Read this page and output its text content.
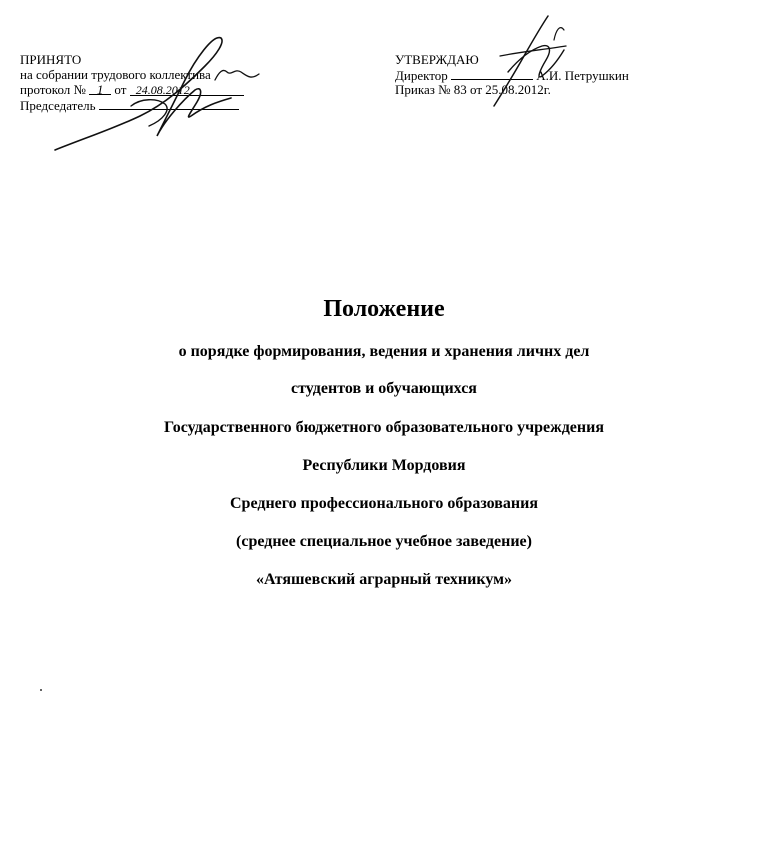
ПРИНЯТО
на собрании трудового коллектива
протокол № 1 от 24.08.2012.
Председатель
УТВЕРЖДАЮ
Директор	А.И. Петрушкин
Приказ № 83 от 25.08.2012г.
Положение
о порядке формирования, ведения и хранения личнх дел
студентов и обучающихся
Государственного бюджетного образовательного учреждения
Республики Мордовия
Среднего профессионального образования
(среднее специальное учебное заведение)
«Атяшевский аграрный техникум»
